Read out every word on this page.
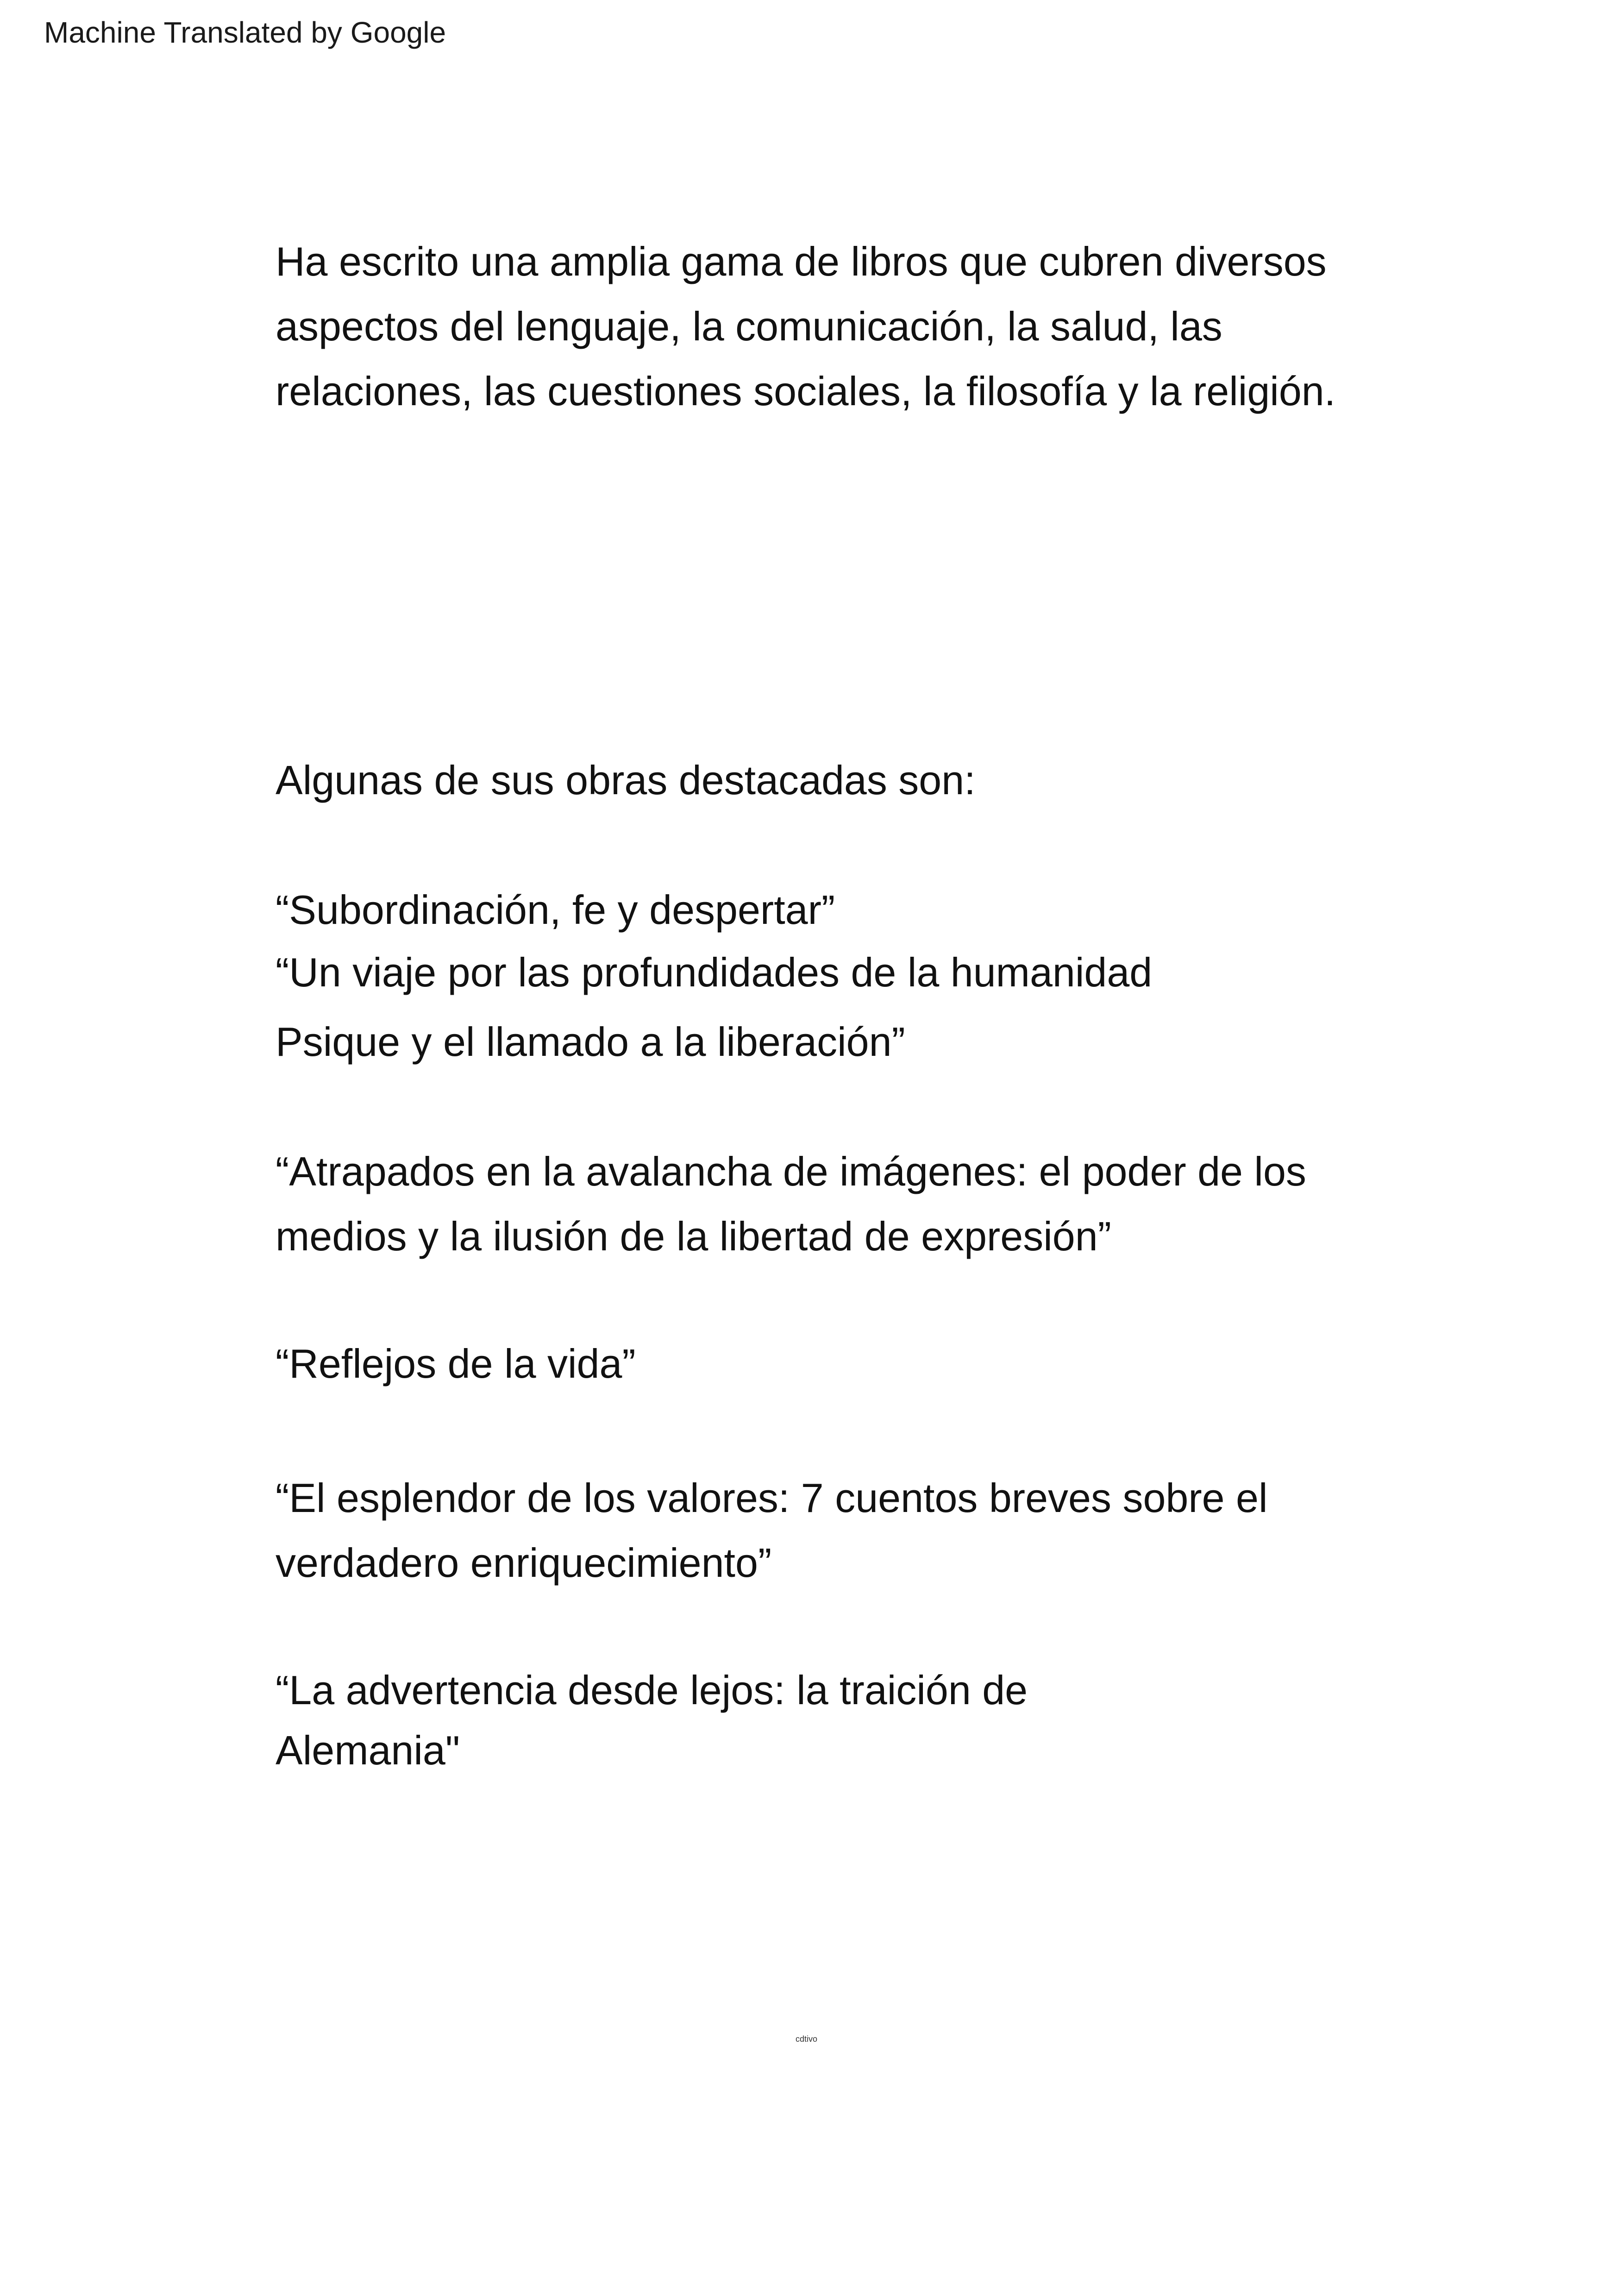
Machine Translated by Google
Ha escrito una amplia gama de libros que cubren diversos
aspectos del lenguaje, la comunicación, la salud, las
relaciones, las cuestiones sociales, la filosofía y la religión.
Algunas de sus obras destacadas son:
“Subordinación, fe y despertar”
“Un viaje por las profundidades de la humanidad
Psique y el llamado a la liberación”
“Atrapados en la avalancha de imágenes: el poder de los
medios y la ilusión de la libertad de expresión”
“Reflejos de la vida”
“El esplendor de los valores: 7 cuentos breves sobre el
verdadero enriquecimiento”
“La advertencia desde lejos: la traición de
Alemania"
cdtivo
